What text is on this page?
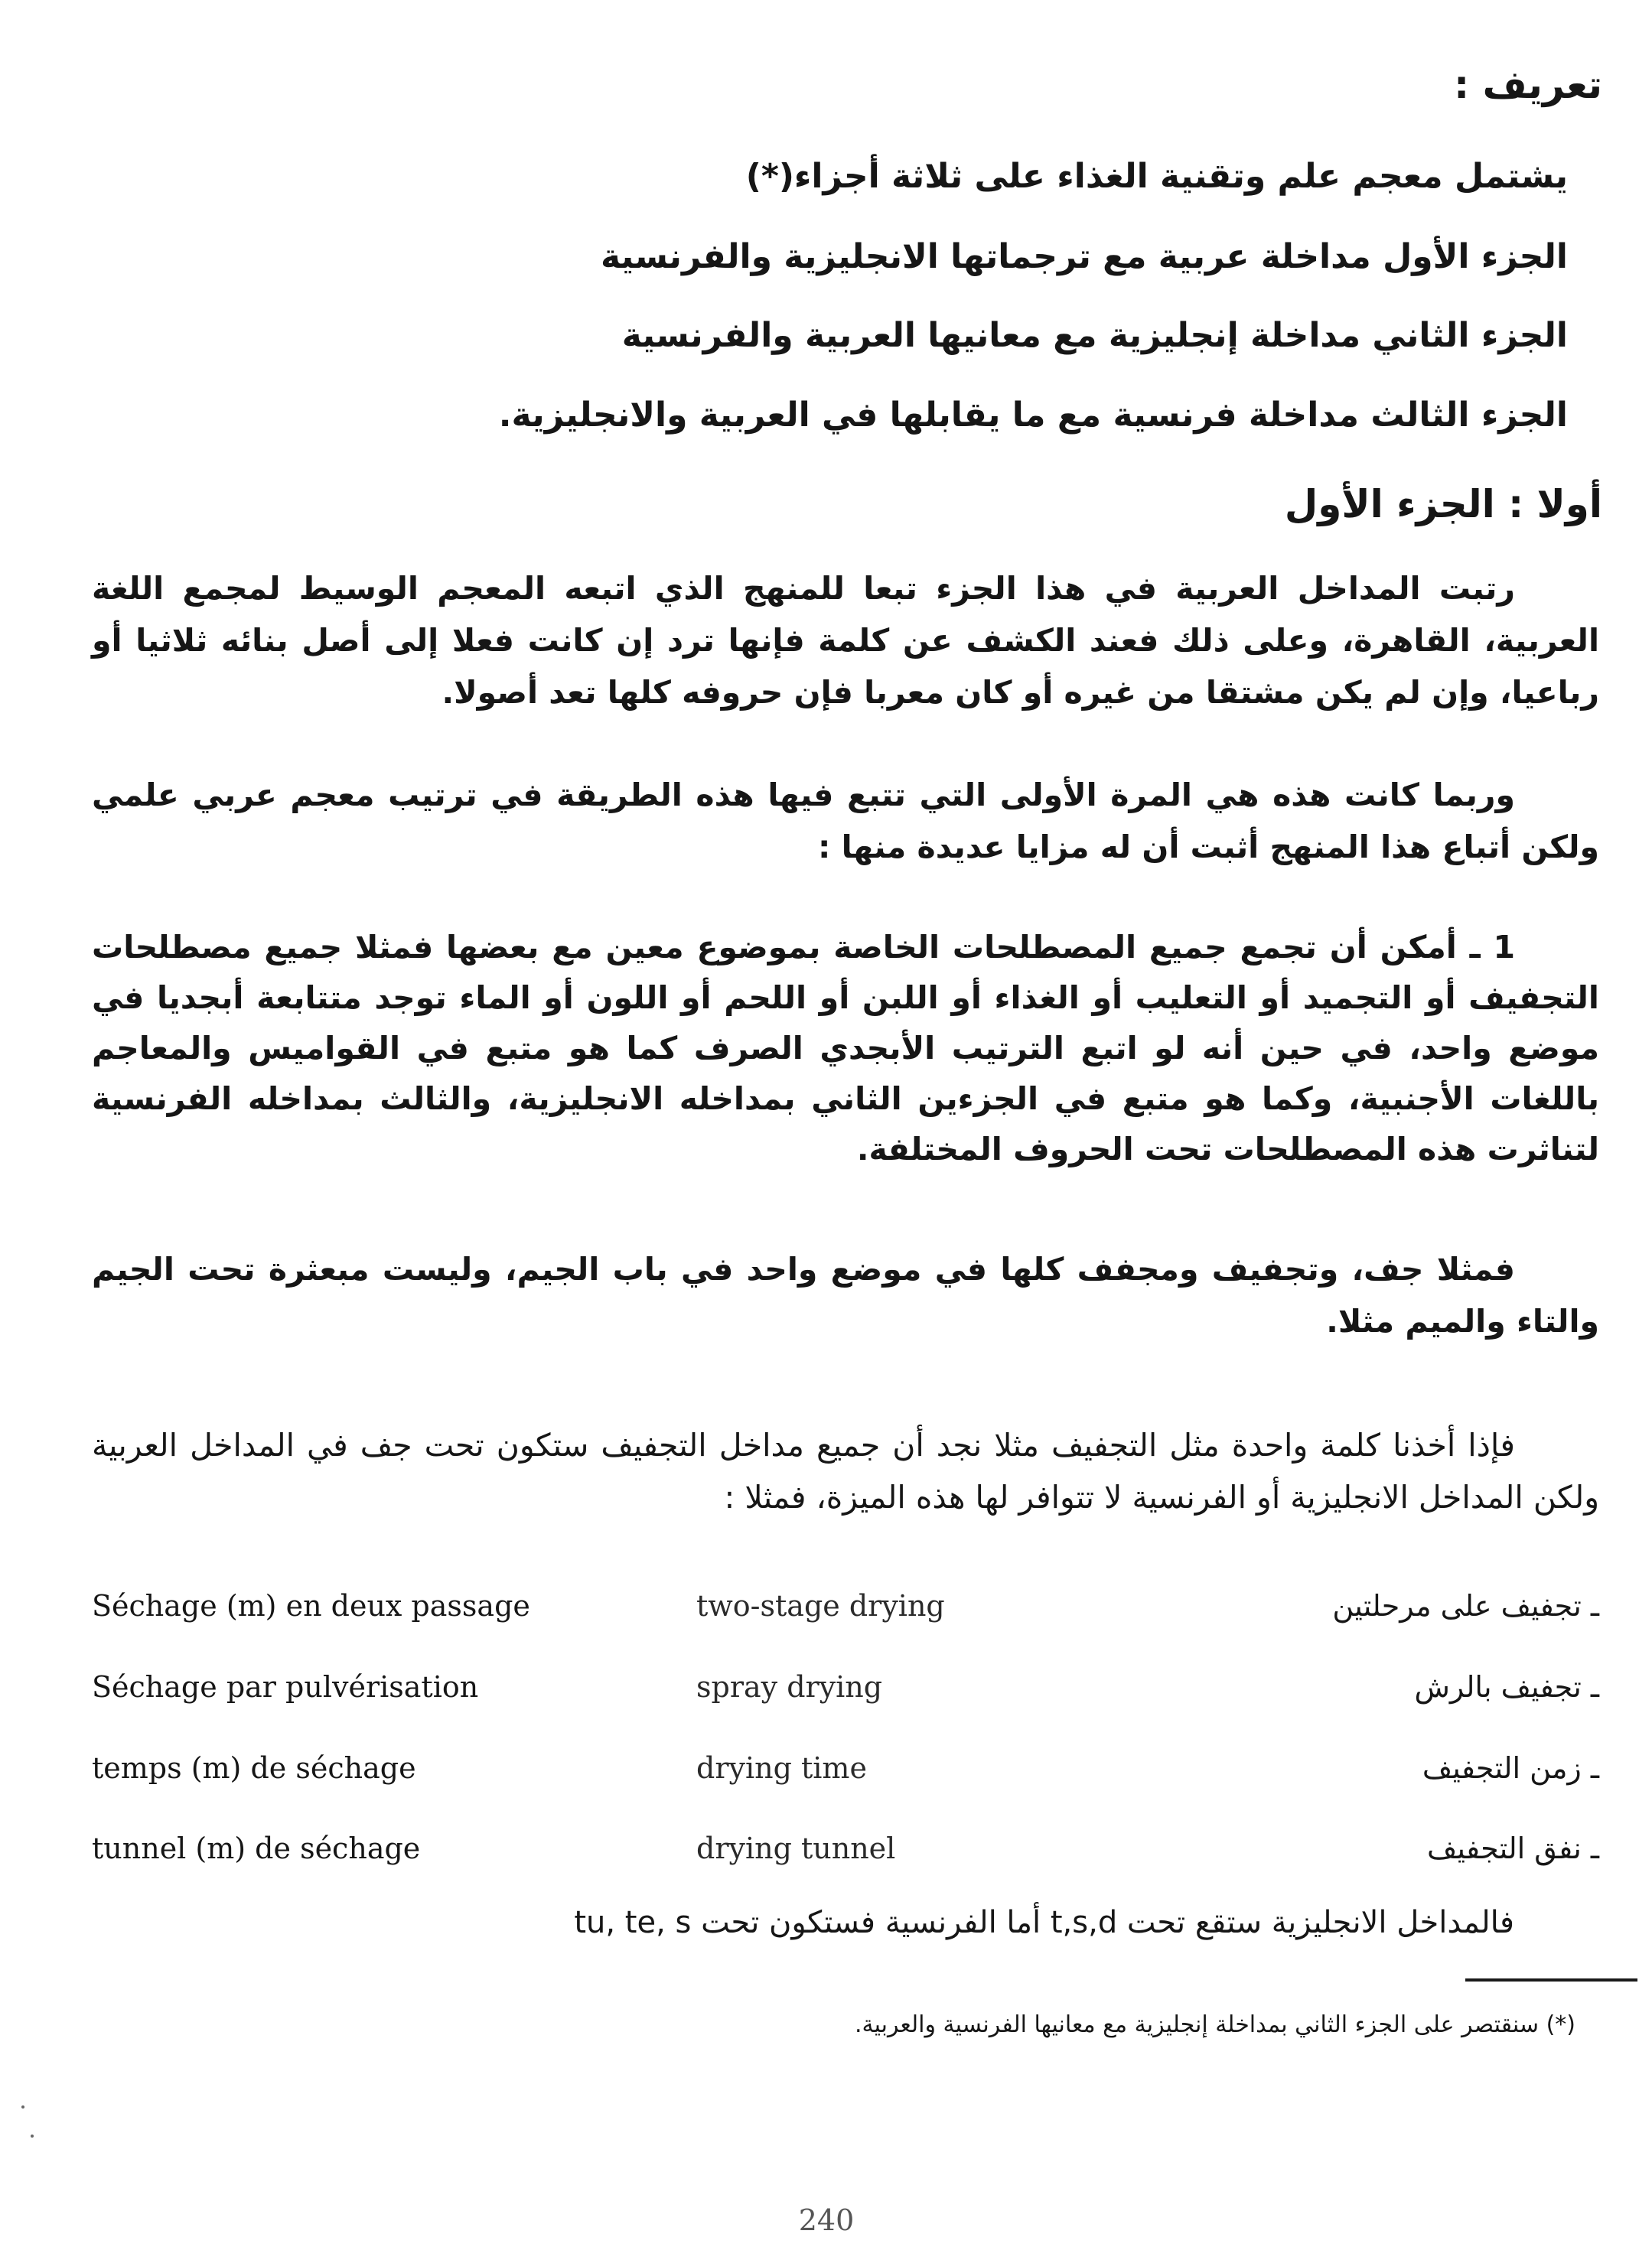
تعريف :
يشتمل معجم علم وتقنية الغذاء على ثلاثة أجزاء(*)
الجزء الأول مداخلة عربية مع ترجماتها الانجليزية والفرنسية
الجزء الثاني مداخلة إنجليزية مع معانيها العربية والفرنسية
الجزء الثالث مداخلة فرنسية مع ما يقابلها في العربية والانجليزية.
أولا : الجزء الأول
رتبت المداخل العربية في هذا الجزء تبعا للمنهج الذي اتبعه المعجم الوسيط لمجمع اللغة العربية، القاهرة، وعلى ذلك فعند الكشف عن كلمة فإنها ترد إن كانت فعلا إلى أصل بنائه ثلاثيا أو رباعيا، وإن لم يكن مشتقا من غيره أو كان معربا فإن حروفه كلها تعد أصولا.
وربما كانت هذه هي المرة الأولى التي تتبع فيها هذه الطريقة في ترتيب معجم عربي علمي ولكن أتباع هذا المنهج أثبت أن له مزايا عديدة منها :
1 ـ أمكن أن تجمع جميع المصطلحات الخاصة بموضوع معين مع بعضها فمثلا جميع مصطلحات التجفيف أو التجميد أو التعليب أو الغذاء أو اللبن أو اللحم أو اللون أو الماء توجد متتابعة أبجديا في موضع واحد، في حين أنه لو اتبع الترتيب الأبجدي الصرف كما هو متبع في القواميس والمعاجم باللغات الأجنبية، وكما هو متبع في الجزءين الثاني بمداخله الانجليزية، والثالث بمداخله الفرنسية لتناثرت هذه المصطلحات تحت الحروف المختلفة.
فمثلا جف، وتجفيف ومجفف كلها في موضع واحد في باب الجيم، وليست مبعثرة تحت الجيم والتاء والميم مثلا.
فإذا أخذنا كلمة واحدة مثل التجفيف مثلا نجد أن جميع مداخل التجفيف ستكون تحت جف في المداخل العربية ولكن المداخل الانجليزية أو الفرنسية لا تتوافر لها هذه الميزة، فمثلا :
Séchage (m) en deux passage	two-stage drying	ـ تجفيف على مرحلتين
Séchage par pulvérisation	spray drying	ـ تجفيف بالرش
temps (m) de séchage	drying time	ـ زمن التجفيف
tunnel (m) de séchage	drying tunnel	ـ نفق التجفيف
فالمداخل الانجليزية ستقع تحت t,s,d أما الفرنسية فستكون تحت tu, te, s
(*) سنقتصر على الجزء الثاني بمداخلة إنجليزية مع معانيها الفرنسية والعربية.
240
